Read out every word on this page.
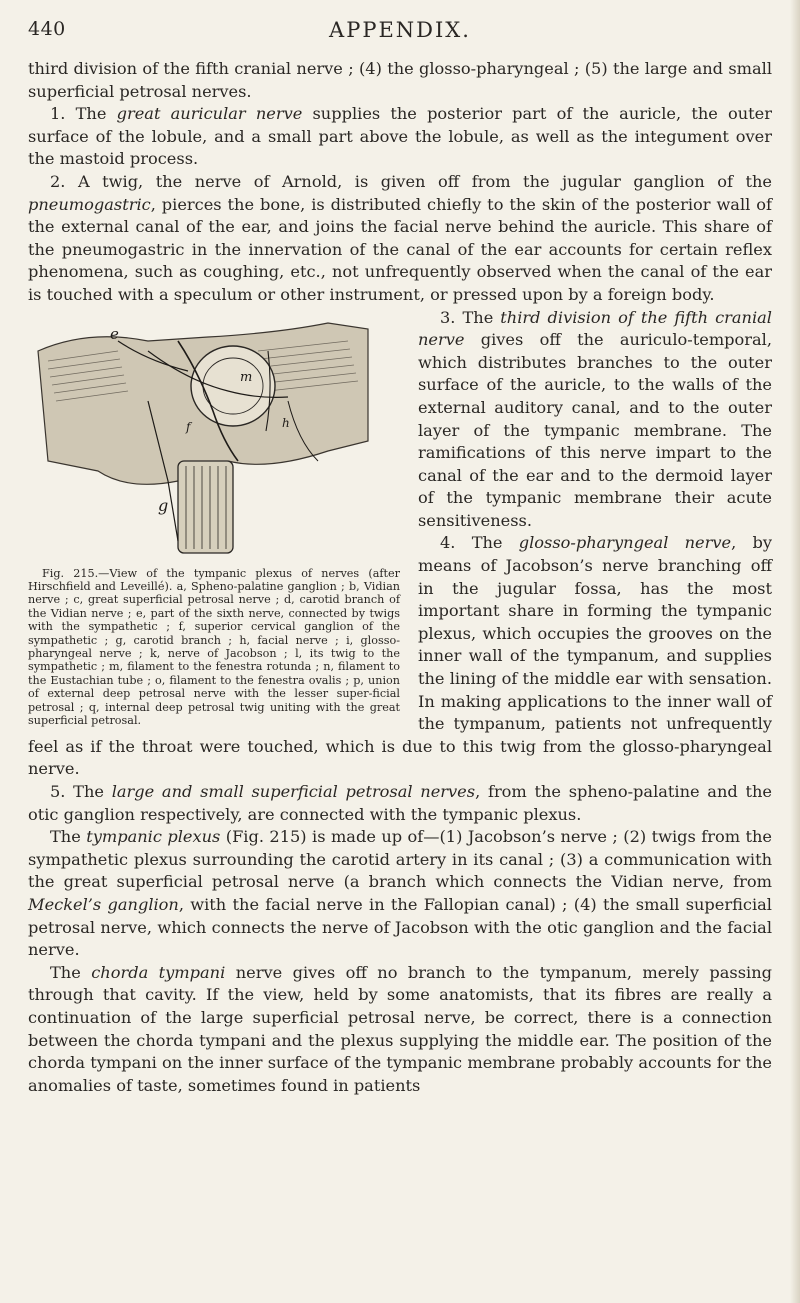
440	APPENDIX.

third division of the fifth cranial nerve ; (4) the glosso-pharyngeal ; (5) the large and small superficial petrosal nerves.

1. The great auricular nerve supplies the posterior part of the auricle, the outer surface of the lobule, and a small part above the lobule, as well as the integument over the mastoid process.

2. A twig, the nerve of Arnold, is given off from the jugular ganglion of the pneumogastric, pierces the bone, is distributed chiefly to the skin of the posterior wall of the external canal of the ear, and joins the facial nerve behind the auricle. This share of the pneumogastric in the innervation of the canal of the ear accounts for certain reflex phenomena, such as coughing, etc., not unfrequently observed when the canal of the ear is touched with a speculum or other instrument, or pressed upon by a foreign body.

e
m
g
f	h
Fig. 215.—View of the tympanic plexus of nerves (after Hirschfield and Leveillé). a, Spheno-palatine ganglion ; b, Vidian nerve ; c, great superficial petrosal nerve ; d, carotid branch of the Vidian nerve ; e, part of the sixth nerve, connected by twigs with the sympathetic ; f, superior cervical ganglion of the sympathetic ; g, carotid branch ; h, facial nerve ; i, glosso-pharyngeal nerve ; k, nerve of Jacobson ; l, its twig to the sympathetic ; m, filament to the fenestra rotunda ; n, filament to the Eustachian tube ; o, filament to the fenestra ovalis ; p, union of external deep petrosal nerve with the lesser super-ficial petrosal ; q, internal deep petrosal twig uniting with the great superficial petrosal.

3. The third division of the fifth cranial nerve gives off the auriculo-temporal, which distributes branches to the outer surface of the auricle, to the walls of the external auditory canal, and to the outer layer of the tympanic membrane. The ramifications of this nerve impart to the canal of the ear and to the dermoid layer of the tympanic membrane their acute sensitiveness.

4. The glosso-pharyngeal nerve, by means of Jacobson’s nerve branching off in the jugular fossa, has the most important share in forming the tympanic plexus, which occupies the grooves on the inner wall of the tympanum, and supplies the lining of the middle ear with sensation. In making applications to the inner wall of the tympanum, patients not unfrequently feel as if the throat were touched, which is due to this twig from the glosso-pharyngeal nerve.

5. The large and small superficial petrosal nerves, from the spheno-palatine and the otic ganglion respectively, are connected with the tympanic plexus.

The tympanic plexus (Fig. 215) is made up of—(1) Jacobson’s nerve ; (2) twigs from the sympathetic plexus surrounding the carotid artery in its canal ; (3) a communication with the great superficial petrosal nerve (a branch which connects the Vidian nerve, from Meckel’s ganglion, with the facial nerve in the Fallopian canal) ; (4) the small superficial petrosal nerve, which connects the nerve of Jacobson with the otic ganglion and the facial nerve.

The chorda tympani nerve gives off no branch to the tympanum, merely passing through that cavity. If the view, held by some anatomists, that its fibres are really a continuation of the large superficial petrosal nerve, be correct, there is a connection between the chorda tympani and the plexus supplying the middle ear. The position of the chorda tympani on the inner surface of the tympanic membrane probably accounts for the anomalies of taste, sometimes found in patients
